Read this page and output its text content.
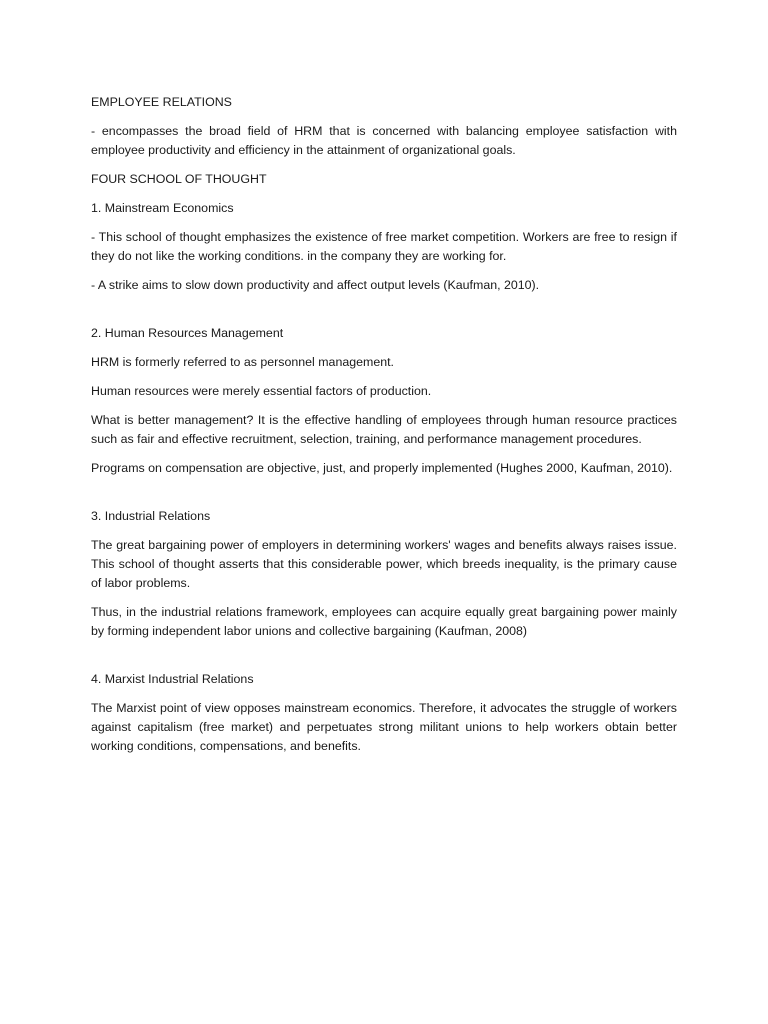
EMPLOYEE RELATIONS

- encompasses the broad field of HRM that is concerned with balancing employee satisfaction with employee productivity and efficiency in the attainment of organizational goals.

FOUR SCHOOL OF THOUGHT

1. Mainstream Economics

- This school of thought emphasizes the existence of free market competition. Workers are free to resign if they do not like the working conditions. in the company they are working for.

- A strike aims to slow down productivity and affect output levels (Kaufman, 2010).

2. Human Resources Management

HRM is formerly referred to as personnel management.

Human resources were merely essential factors of production.

What is better management? It is the effective handling of employees through human resource practices such as fair and effective recruitment, selection, training, and performance management procedures.

Programs on compensation are objective, just, and properly implemented (Hughes 2000, Kaufman, 2010).

3. Industrial Relations

The great bargaining power of employers in determining workers' wages and benefits always raises issue. This school of thought asserts that this considerable power, which breeds inequality, is the primary cause of labor problems.

Thus, in the industrial relations framework, employees can acquire equally great bargaining power mainly by forming independent labor unions and collective bargaining (Kaufman, 2008)

4. Marxist Industrial Relations

The Marxist point of view opposes mainstream economics. Therefore, it advocates the struggle of workers against capitalism (free market) and perpetuates strong militant unions to help workers obtain better working conditions, compensations, and benefits.
